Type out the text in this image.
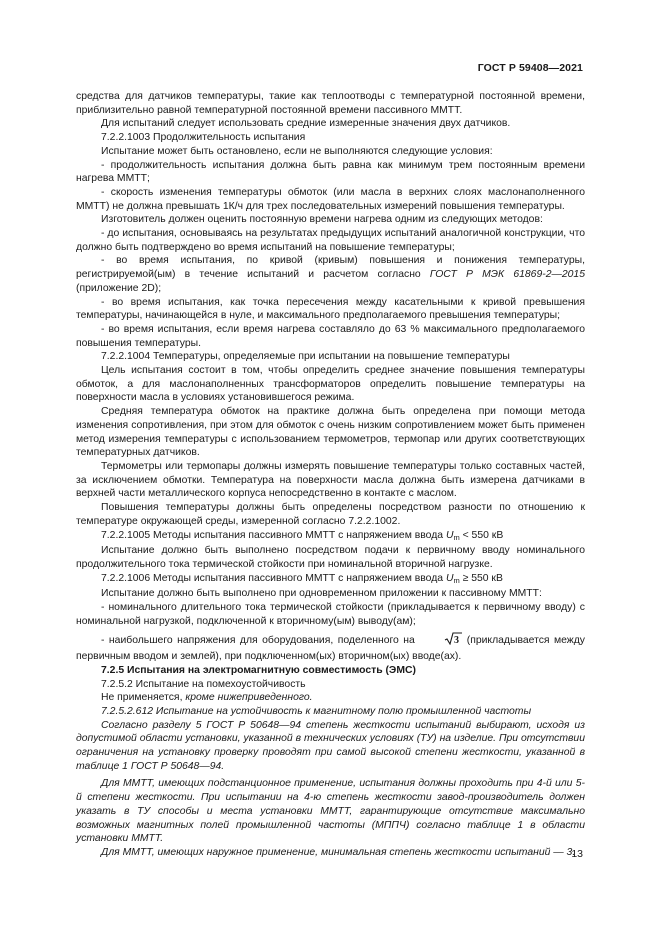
ГОСТ Р 59408—2021

средства для датчиков температуры, такие как теплоотводы с температурной постоянной времени, приблизительно равной температурной постоянной времени пассивного ММТТ.

Для испытаний следует использовать средние измеренные значения двух датчиков.

7.2.2.1003 Продолжительность испытания

Испытание может быть остановлено, если не выполняются следующие условия:

- продолжительность испытания должна быть равна как минимум трем постоянным времени нагрева ММТТ;

- скорость изменения температуры обмоток (или масла в верхних слоях маслонаполненного ММТТ) не должна превышать 1К/ч для трех последовательных измерений повышения температуры.

Изготовитель должен оценить постоянную времени нагрева одним из следующих методов:

- до испытания, основываясь на результатах предыдущих испытаний аналогичной конструкции, что должно быть подтверждено во время испытаний на повышение температуры;

- во время испытания, по кривой (кривым) повышения и понижения температуры, регистрируемой(ым) в течение испытаний и расчетом согласно ГОСТ Р МЭК 61869-2—2015 (приложение 2D);

- во время испытания, как точка пересечения между касательными к кривой превышения температуры, начинающейся в нуле, и максимального предполагаемого превышения температуры;

- во время испытания, если время нагрева составляло до 63 % максимального предполагаемого повышения температуры.

7.2.2.1004 Температуры, определяемые при испытании на повышение температуры

Цель испытания состоит в том, чтобы определить среднее значение повышения температуры обмоток, а для маслонаполненных трансформаторов определить повышение температуры на поверхности масла в условиях установившегося режима.

Средняя температура обмоток на практике должна быть определена при помощи метода изменения сопротивления, при этом для обмоток с очень низким сопротивлением может быть применен метод измерения температуры с использованием термометров, термопар или других соответствующих температурных датчиков.

Термометры или термопары должны измерять повышение температуры только составных частей, за исключением обмотки. Температура на поверхности масла должна быть измерена датчиками в верхней части металлического корпуса непосредственно в контакте с маслом.

Повышения температуры должны быть определены посредством разности по отношению к температуре окружающей среды, измеренной согласно 7.2.2.1002.

7.2.2.1005 Методы испытания пассивного ММТТ с напряжением ввода $U_m < 550$ кВ

Испытание должно быть выполнено посредством подачи к первичному вводу номинального продолжительного тока термической стойкости при номинальной вторичной нагрузке.

7.2.2.1006 Методы испытания пассивного ММТТ с напряжением ввода $U_m \ge 550$ кВ

Испытание должно быть выполнено при одновременном приложении к пассивному ММТТ:

- номинального длительного тока термической стойкости (прикладывается к первичному вводу) с номинальной нагрузкой, подключенной к вторичному(ым) выводу(ам);

- наибольшего напряжения для оборудования, поделенного на	3 (прикладывается между первичным вводом и землей), при подключенном(ых) вторичном(ых) вводе(ах).

7.2.5 Испытания на электромагнитную совместимость (ЭМС)

7.2.5.2 Испытание на помехоустойчивость

Не применяется, кроме нижеприведенного.

7.2.5.2.612 Испытание на устойчивость к магнитному полю промышленной частоты

Согласно разделу 5 ГОСТ Р 50648—94 степень жесткости испытаний выбирают, исходя из допустимой области установки, указанной в технических условиях (ТУ) на изделие. При отсутствии ограничения на установку проверку проводят при самой высокой степени жесткости, указанной в таблице 1 ГОСТ Р 50648—94.

Для ММТТ, имеющих подстанционное применение, испытания должны проходить при 4-й или 5-й степени жесткости. При испытании на 4-ю степень жесткости завод-производитель должен указать в ТУ способы и места установки ММТТ, гарантирующие отсутствие максимально возможных магнитных полей промышленной частоты (МППЧ) согласно таблице 1 в области установки ММТТ.

Для ММТТ, имеющих наружное применение, минимальная степень жесткости испытаний — 3.

13
